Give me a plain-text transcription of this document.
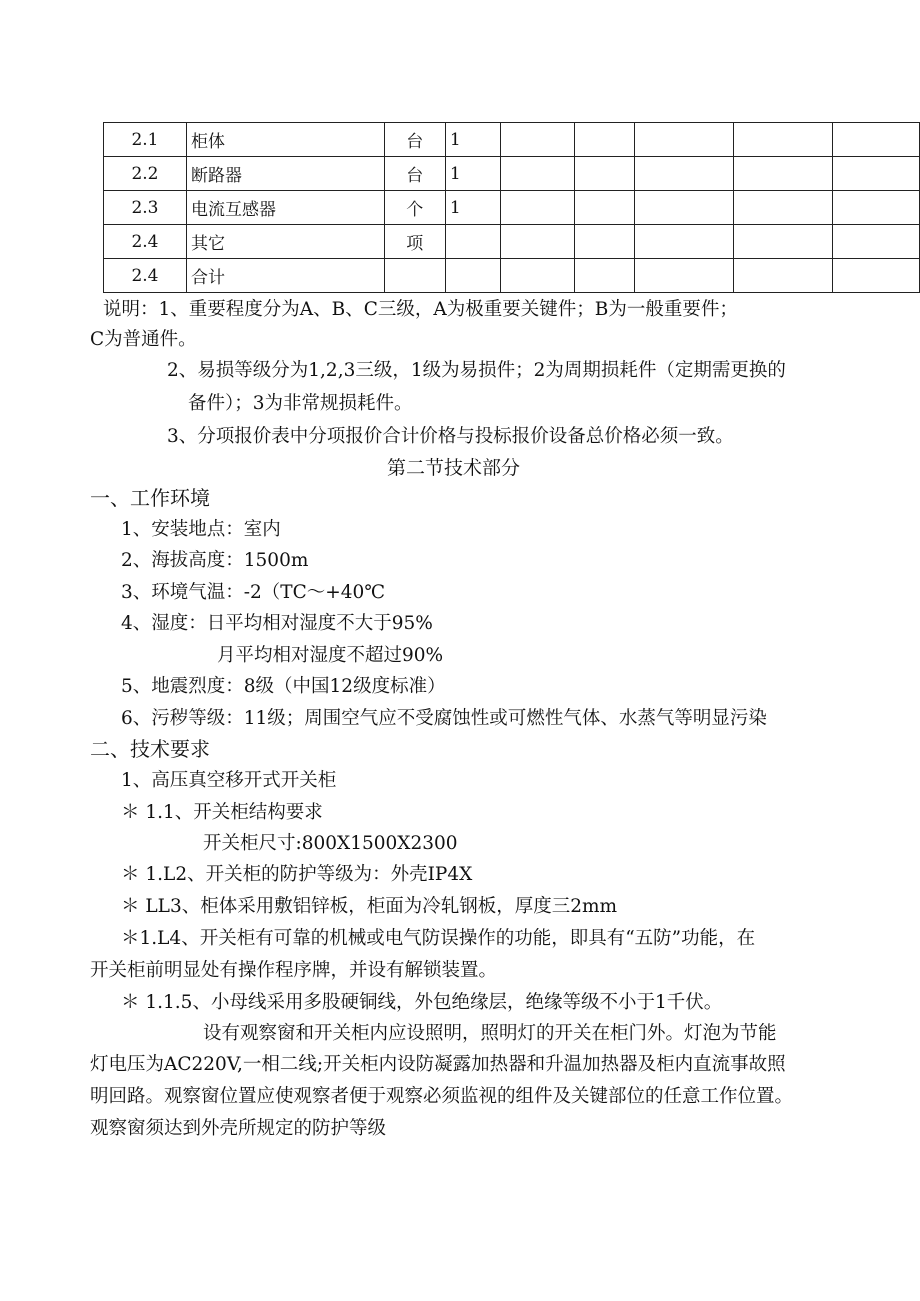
2.1	柜体	台	1					
2.2	断路器	台	1					
2.3	电流互感器	个	1					
2.4	其它	项						
2.4	合计							
说明：1、重要程度分为A、B、C三级，A为极重要关键件；B为一般重要件；
C为普通件。
2、易损等级分为1,2,3三级，1级为易损件；2为周期损耗件（定期需更换的
备件）；3为非常规损耗件。
3、分项报价表中分项报价合计价格与投标报价设备总价格必须一致。
第二节技术部分
一、工作环境
1、安装地点：室内
2、海拔高度：1500m
3、环境气温：-2（TC～+40℃
4、湿度：日平均相对湿度不大于95%
月平均相对湿度不超过90%
5、地震烈度：8级（中国12级度标准）
6、污秽等级：11级；周围空气应不受腐蚀性或可燃性气体、水蒸气等明显污染
二、技术要求
1、高压真空移开式开关柜
＊ 1.1、开关柜结构要求
开关柜尺寸:800X1500X2300
＊ 1.L2、开关柜的防护等级为：外壳IP4X
＊ LL3、柜体采用敷铝锌板，柜面为冷轧钢板，厚度三2mm
＊1.L4、开关柜有可靠的机械或电气防误操作的功能，即具有“五防”功能，在
开关柜前明显处有操作程序牌，并设有解锁装置。
＊ 1.1.5、小母线采用多股硬铜线，外包绝缘层，绝缘等级不小于1千伏。
设有观察窗和开关柜内应设照明，照明灯的开关在柜门外。灯泡为节能
灯电压为AC220V,一相二线;开关柜内设防凝露加热器和升温加热器及柜内直流事故照
明回路。观察窗位置应使观察者便于观察必须监视的组件及关键部位的任意工作位置。
观察窗须达到外壳所规定的防护等级
